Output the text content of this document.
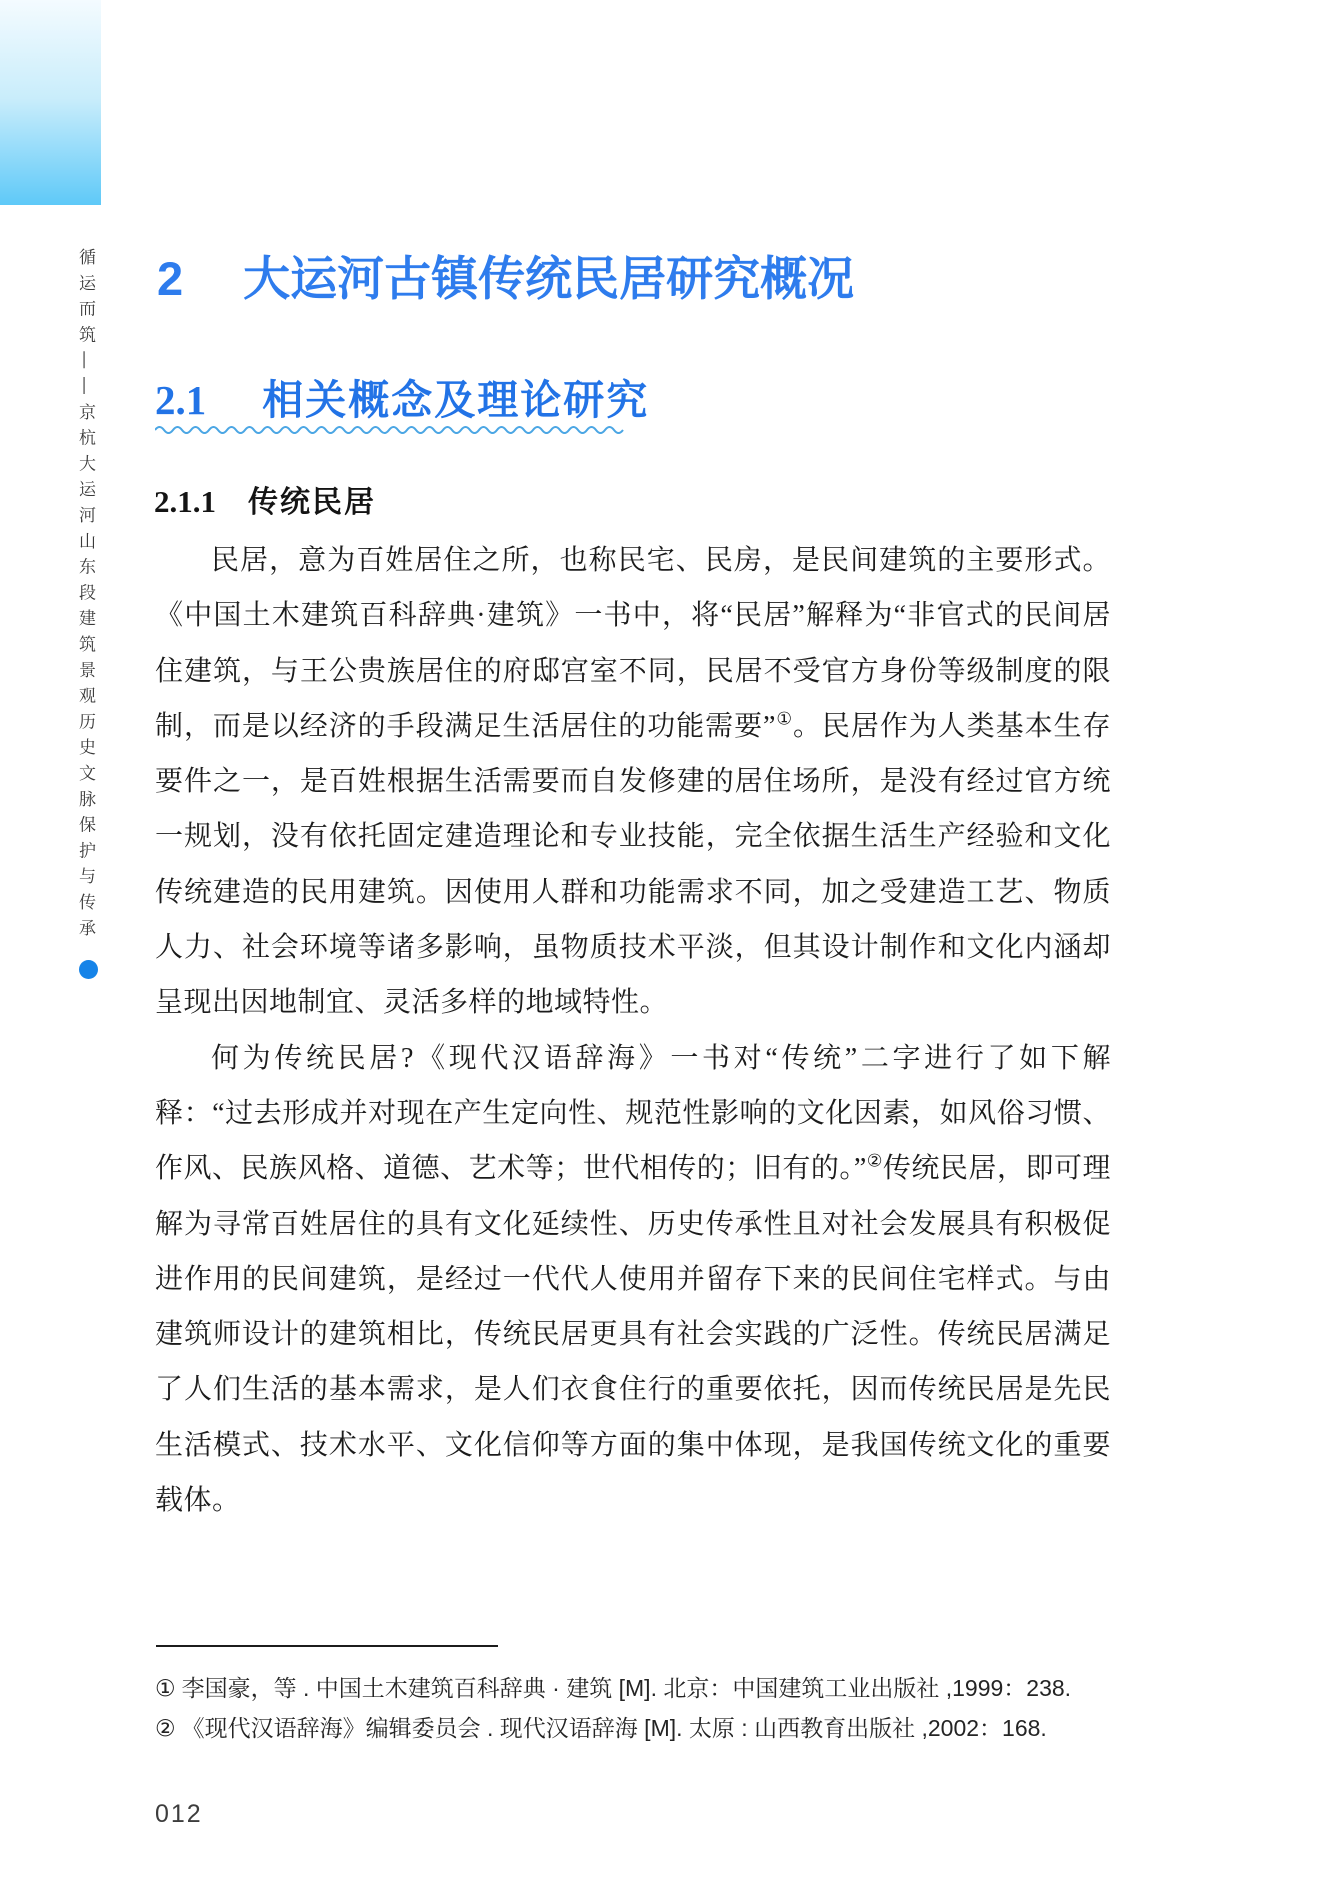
循运而筑——京杭大运河山东段建筑景观历史文脉保护与传承 2 大运河古镇传统民居研究概况
2.1 相关概念及理论研究
2.1.1 传统民居

民居，意为百姓居住之所，也称民宅、民房，是民间建筑的主要形式。《中国土木建筑百科辞典·建筑》一书中，将“民居”解释为“非官式的民间居住建筑，与王公贵族居住的府邸宫室不同，民居不受官方身份等级制度的限制，而是以经济的手段满足生活居住的功能需要”①。民居作为人类基本生存要件之一，是百姓根据生活需要而自发修建的居住场所，是没有经过官方统一规划，没有依托固定建造理论和专业技能，完全依据生活生产经验和文化传统建造的民用建筑。因使用人群和功能需求不同，加之受建造工艺、物质人力、社会环境等诸多影响，虽物质技术平淡，但其设计制作和文化内涵却呈现出因地制宜、灵活多样的地域特性。

何为传统民居?《现代汉语辞海》一书对“传统”二字进行了如下解释：“过去形成并对现在产生定向性、规范性影响的文化因素，如风俗习惯、作风、民族风格、道德、艺术等；世代相传的；旧有的。”②传统民居，即可理解为寻常百姓居住的具有文化延续性、历史传承性且对社会发展具有积极促进作用的民间建筑，是经过一代代人使用并留存下来的民间住宅样式。与由建筑师设计的建筑相比，传统民居更具有社会实践的广泛性。传统民居满足了人们生活的基本需求，是人们衣食住行的重要依托，因而传统民居是先民生活模式、技术水平、文化信仰等方面的集中体现，是我国传统文化的重要载体。

① 李国豪，等 . 中国土木建筑百科辞典 · 建筑 [M]. 北京：中国建筑工业出版社 ,1999：238.
② 《现代汉语辞海》编辑委员会 . 现代汉语辞海 [M]. 太原 : 山西教育出版社 ,2002：168.
012
